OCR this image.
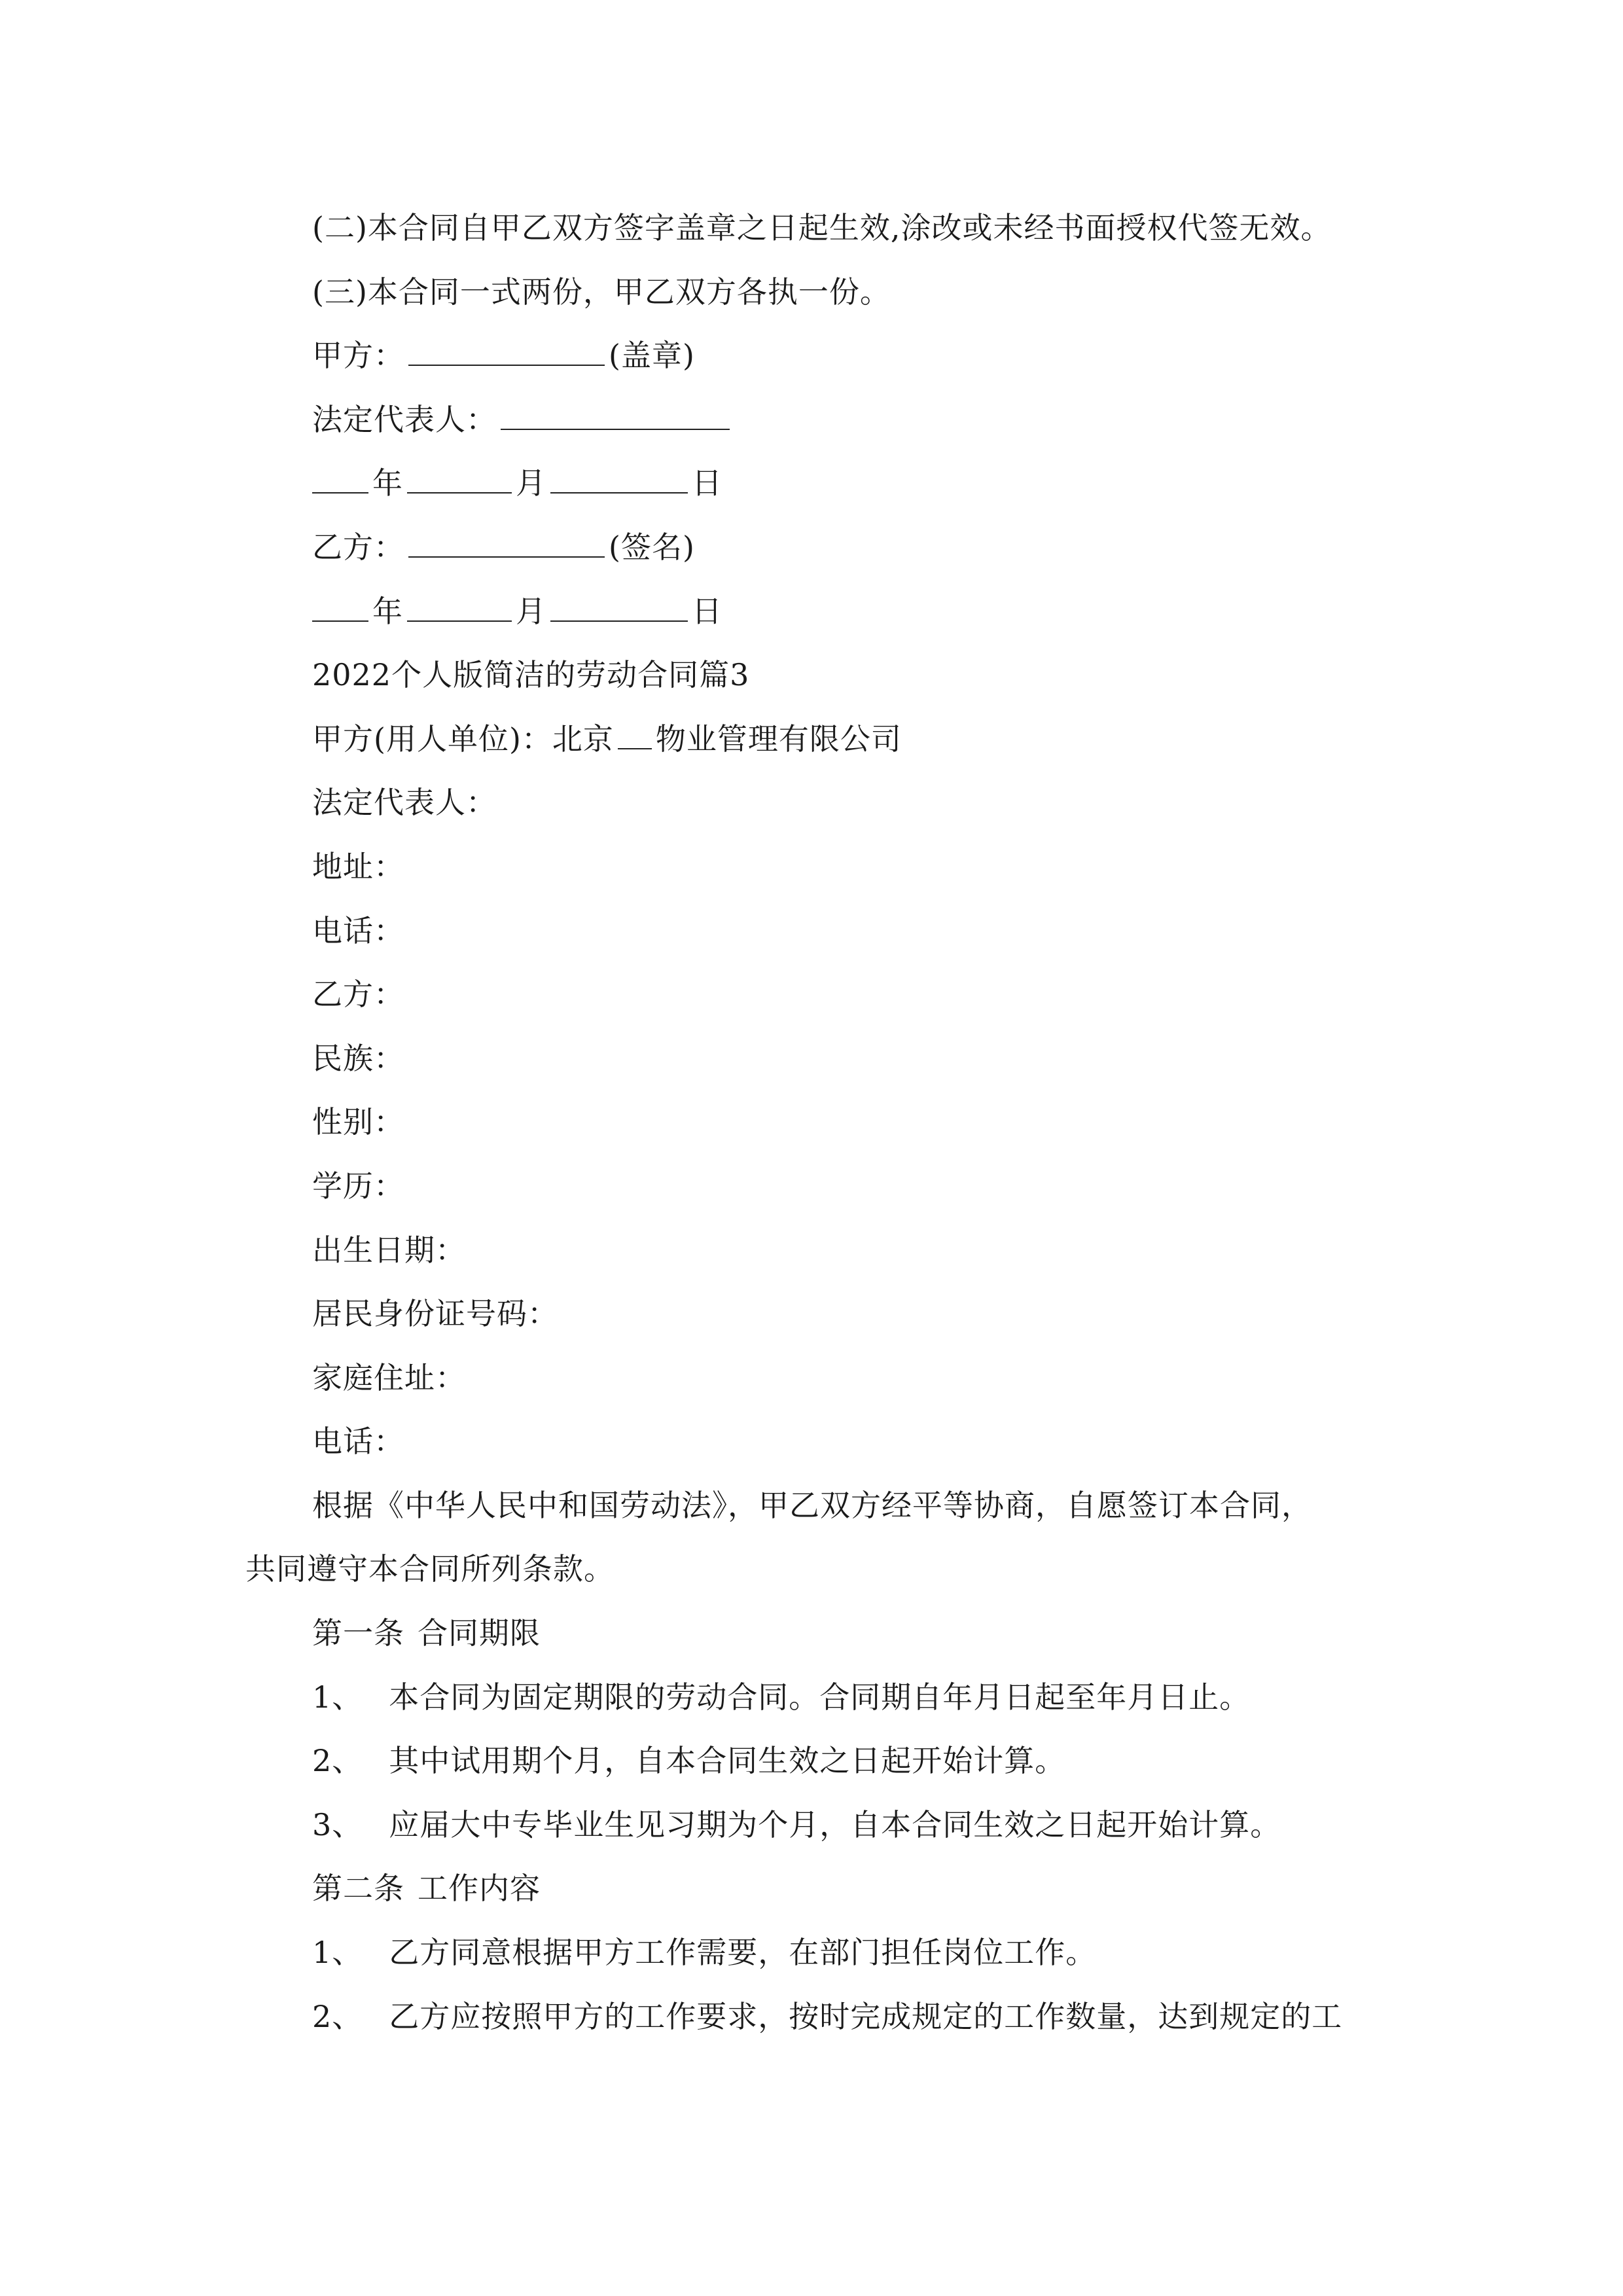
(二)本合同自甲乙双方签字盖章之日起生效,涂改或未经书面授权代签无效。
(三)本合同一式两份，甲乙双方各执一份。
甲方：	(盖章)
法定代表人：
年	月	日
乙方：	(签名)
年	月	日
2022个人版简洁的劳动合同篇3
甲方(用人单位)：北京 物业管理有限公司
法定代表人：
地址：
电话：
乙方：
民族：
性别：
学历：
出生日期：
居民身份证号码：
家庭住址：
电话：
根据《中华人民中和国劳动法》，甲乙双方经平等协商，自愿签订本合同，
共同遵守本合同所列条款。
第一条 合同期限
1、 本合同为固定期限的劳动合同。合同期自年月日起至年月日止。
2、 其中试用期个月，自本合同生效之日起开始计算。
3、 应届大中专毕业生见习期为个月，自本合同生效之日起开始计算。
第二条 工作内容
1、 乙方同意根据甲方工作需要，在部门担任岗位工作。
2、 乙方应按照甲方的工作要求，按时完成规定的工作数量，达到规定的工
